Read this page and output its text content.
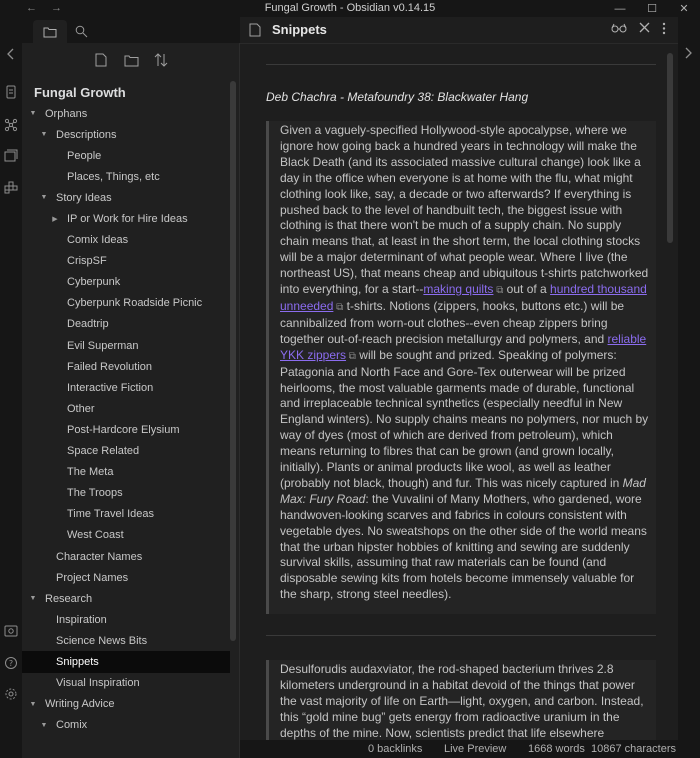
← →	Fungal Growth - Obsidian v0.14.15	—	☐	✕
?
Fungal Growth
▼ Orphans
▼ Descriptions
People
Places, Things, etc
▼ Story Ideas
▶ IP or Work for Hire Ideas
Comix Ideas
CrispSF
Cyberpunk
Cyberpunk Roadside Picnic
Deadtrip
Evil Superman
Failed Revolution
Interactive Fiction
Other
Post-Hardcore Elysium
Space Related
The Meta
The Troops
Time Travel Ideas
West Coast
Character Names
Project Names
▼ Research
Inspiration
Science News Bits
Snippets
Visual Inspiration
▼ Writing Advice
▼ Comix
Snippets
Deb Chachra - Metafoundry 38: Blackwater Hang
Given a vaguely-specified Hollywood-style apocalypse, where we ignore how going back a hundred years in technology will make the Black Death (and its associated massive cultural change) look like a day in the office when everyone is at home with the flu, what might clothing look like, say, a decade or two afterwards? If everything is pushed back to the level of handbuilt tech, the biggest issue with clothing is that there won't be much of a supply chain. No supply chain means that, at least in the short term, the local clothing stocks will be a major determinant of what people wear. Where I live (the northeast US), that means cheap and ubiquitous t-shirts patchworked into everything, for a start--making quilts ⧉ out of a hundred thousand unneeded ⧉ t-shirts. Notions (zippers, hooks, buttons etc.) will be cannibalized from worn-out clothes--even cheap zippers bring together out-of-reach precision metallurgy and polymers, and reliable YKK zippers ⧉ will be sought and prized. Speaking of polymers: Patagonia and North Face and Gore-Tex outerwear will be prized heirlooms, the most valuable garments made of durable, functional and irreplaceable technical synthetics (especially needful in New England winters). No supply chains means no polymers, nor much by way of dyes (most of which are derived from petroleum), which means returning to fibres that can be grown (and grown locally, initially). Plants or animal products like wool, as well as leather (probably not black, though) and fur. This was nicely captured in Mad Max: Fury Road: the Vuvalini of Many Mothers, who gardened, wore handwoven-looking scarves and fabrics in colours consistent with vegetable dyes. No sweatshops on the other side of the world means that the urban hipster hobbies of knitting and sewing are suddenly survival skills, assuming that raw materials can be found (and disposable sewing kits from hotels become immensely valuable for the sharp, strong steel needles).
Desulforudis audaxviator, the rod-shaped bacterium thrives 2.8 kilometers underground in a habitat devoid of the things that power the vast majority of life on Earth—light, oxygen, and carbon. Instead, this “gold mine bug” gets energy from radioactive uranium in the depths of the mine. Now, scientists predict that life elsewhere
0 backlinks Live Preview 1668 words 10867 characters
